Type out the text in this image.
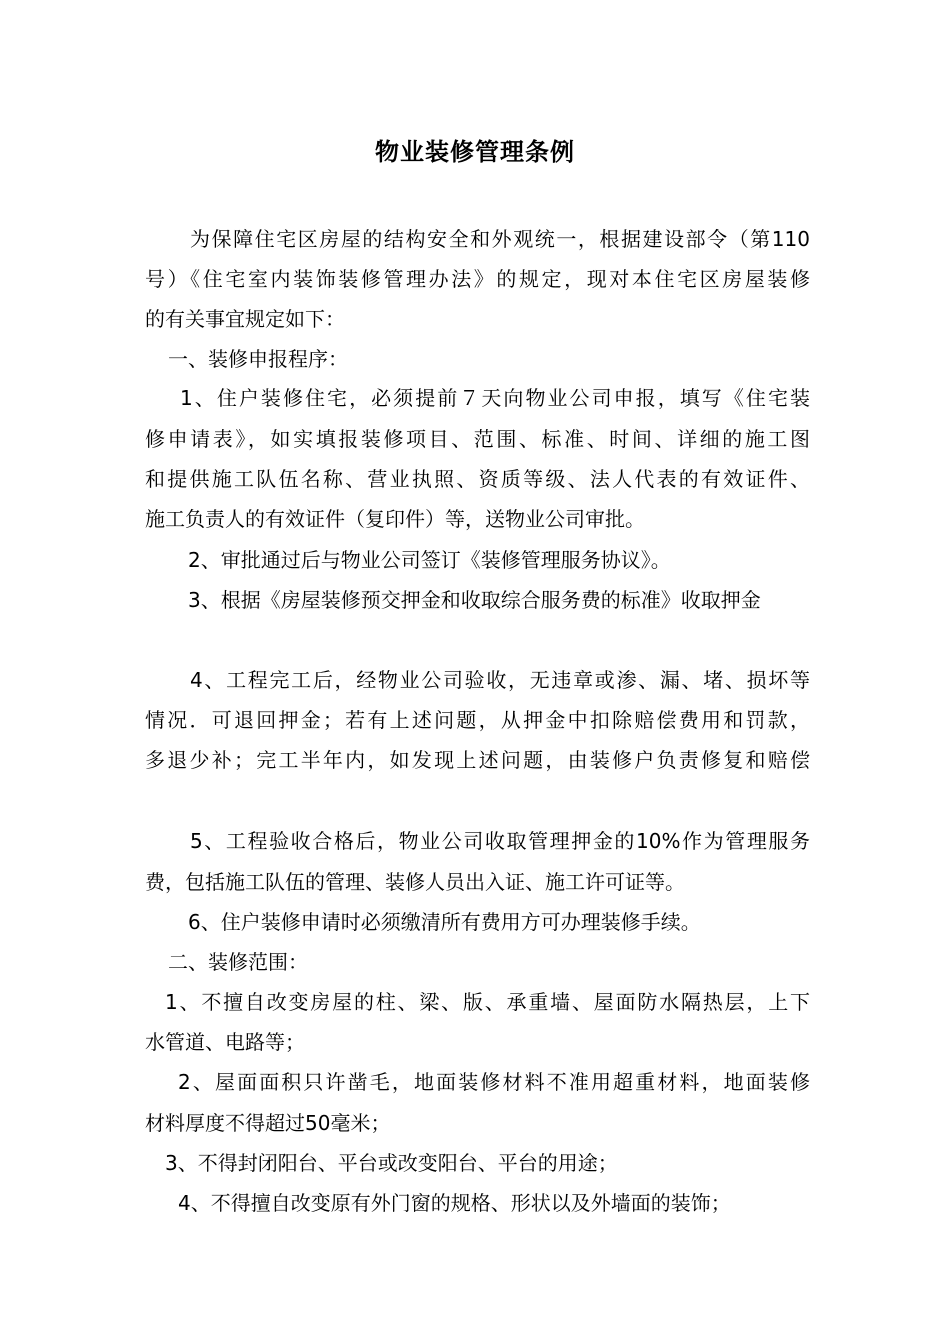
物业装修管理条例
为保障住宅区房屋的结构安全和外观统一，根据建设部令（第110
号）《住宅室内装饰装修管理办法》的规定，现对本住宅区房屋装修
的有关事宜规定如下：
一、装修申报程序：
1、住户装修住宅，必须提前７天向物业公司申报，填写《住宅装
修申请表》，如实填报装修项目、范围、标准、时间、详细的施工图
和提供施工队伍名称、营业执照、资质等级、法人代表的有效证件、
施工负责人的有效证件（复印件）等，送物业公司审批。
2、审批通过后与物业公司签订《装修管理服务协议》。
3、根据《房屋装修预交押金和收取综合服务费的标准》收取押金
4、工程完工后，经物业公司验收，无违章或渗、漏、堵、损坏等
情况．可退回押金；若有上述问题，从押金中扣除赔偿费用和罚款，
多退少补；完工半年内，如发现上述问题，由装修户负责修复和赔偿
5、工程验收合格后，物业公司收取管理押金的10%作为管理服务
费，包括施工队伍的管理、装修人员出入证、施工许可证等。
6、住户装修申请时必须缴清所有费用方可办理装修手续。
二、装修范围：
1、不擅自改变房屋的柱、梁、版、承重墙、屋面防水隔热层，上下
水管道、电路等；
2、屋面面积只许凿毛，地面装修材料不准用超重材料，地面装修
材料厚度不得超过50毫米；
3、不得封闭阳台、平台或改变阳台、平台的用途；
4、不得擅自改变原有外门窗的规格、形状以及外墙面的装饰；
